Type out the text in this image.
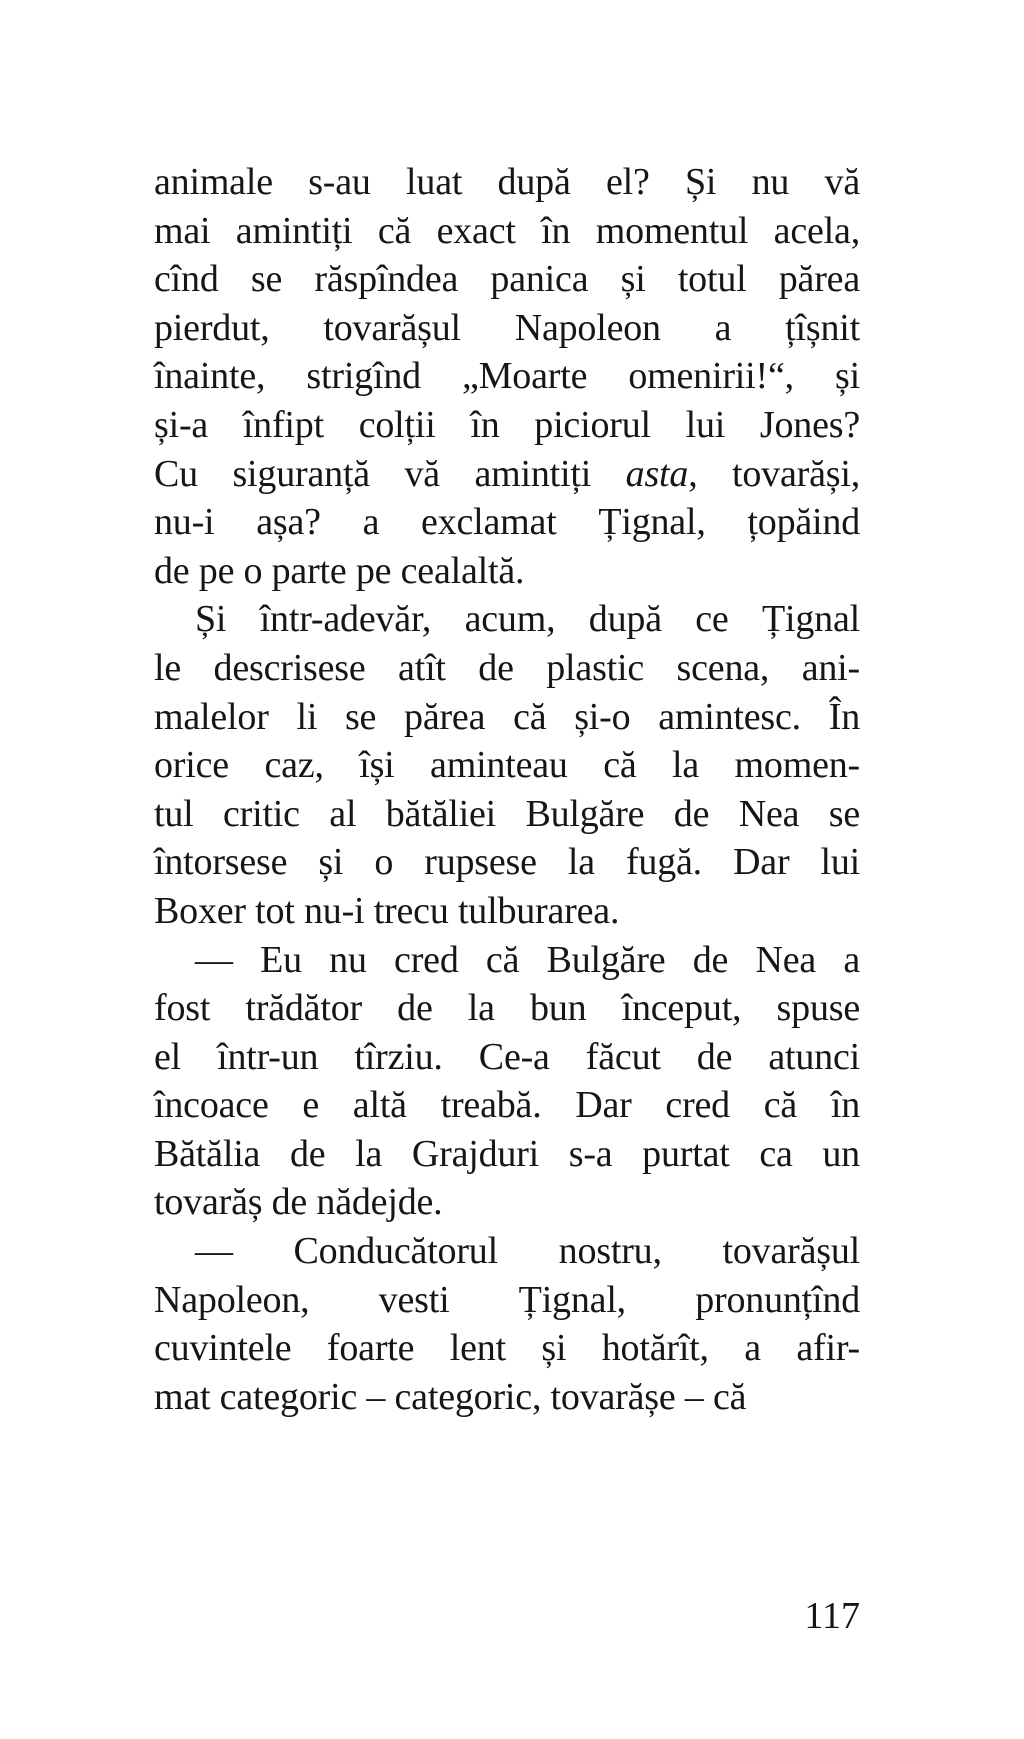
animale s-au luat după el? Și nu vă
mai amintiți că exact în momentul acela,
cînd se răspîndea panica și totul părea
pierdut, tovarășul Napoleon a țîșnit
înainte, strigînd „Moarte omenirii!“, și
și-a înfipt colții în piciorul lui Jones?
Cu siguranță vă amintiți asta, tovarăși,
nu-i așa? a exclamat Țignal, țopăind
de pe o parte pe cealaltă.
Și într-adevăr, acum, după ce Țignal
le descrisese atît de plastic scena, ani-
malelor li se părea că și-o amintesc. În
orice caz, își aminteau că la momen-
tul critic al bătăliei Bulgăre de Nea se
întorsese și o rupsese la fugă. Dar lui
Boxer tot nu-i trecu tulburarea.
— Eu nu cred că Bulgăre de Nea a
fost trădător de la bun început, spuse
el într-un tîrziu. Ce-a făcut de atunci
încoace e altă treabă. Dar cred că în
Bătălia de la Grajduri s-a purtat ca un
tovarăș de nădejde.
— Conducătorul nostru, tovarășul
Napoleon, vesti Țignal, pronunțînd
cuvintele foarte lent și hotărît, a afir-
mat categoric – categoric, tovarășe – că
117
